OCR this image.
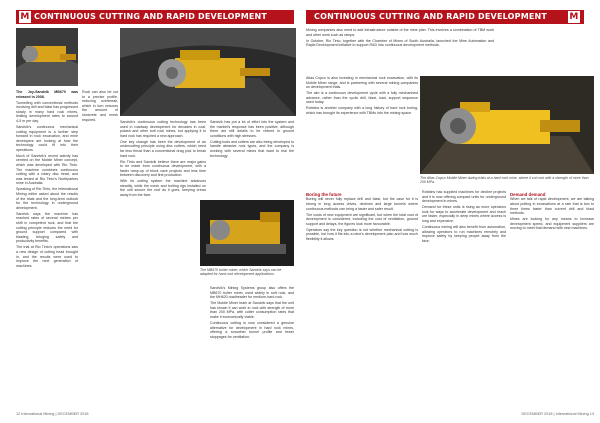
M CONTINUOUS CUTTING AND RAPID DEVELOPMENT

The Joy-Sandvik MB670 was released in 2008.

Tunnelling with conventional methods involving drill and blast has progressed slowly in many hard rock mines, limiting development rates to around 4-5 m per day.

Sandvik's continuous mechanical cutting equipment is a further step forward in rock excavation, and mine developers are looking at how the technology could fit into their operations.

Much of Sandvik's recent activity has centred on the Mobile Miner concept, which was developed with Rio Tinto. The machine combines continuous cutting with a rotary disc head, and was tested at Rio Tinto's Northparkes mine in Australia.

Speaking of Rio Tinto, the International Mining editor asked about the results of the trials and the long-term outlook for the technology in underground development.

Sandvik says the machine has reached rates of several metres per shift in competent rock, and that the cutting principle reduces the need for ground support compared with blasting, bringing safety and productivity benefits.

The trial at Rio Tinto's operations saw a new design of cutting head brought in, and the results were used to improve the next generation of machines.

Rock can also be cut to a precise profile, reducing overbreak, which in turn reduces the amount of shotcrete and mesh required.

Sandvik's continuous cutting technology has been used in roadway development for decades in coal, potash and other soft rock mines, but applying it to hard rock has required a new approach.

One key change has been the development of an undercutting principle using disc cutters, which need far less thrust than a conventional drag pick to break hard rock.

Rio Tinto and Sandvik believe there are major gains to be made from continuous development, with a faster ramp-up of block cave projects and less time between discovery and first production.

With its cutting system the machine advances steadily, while the mesh and bolting rigs installed on the unit secure the roof as it goes, keeping crews away from the face.

Sandvik has put a lot of effort into the system and the market's response has been positive, although there are still details to be refined in ground conditions with high stresses.

Cutting tools and cutters are also being developed to handle abrasive rock types, and the company is working with several mines that want to trial the technology.

The MB670 bolter miner, which Sandvik says can be adapted for hard rock development applications.

Sandvik's Mining Systems group also offers the MB670 bolter miner, used widely in soft rock, and the MH620 roadheader for medium-hard rock.

The Mobile Miner team at Sandvik says that the unit has shown it can work in rock with strength of more than 200 MPa, with cutter consumption rates that make it economically viable.

Continuous cutting is now considered a genuine alternative for development in hard rock mines, offering a smoother tunnel profile and fewer stoppages for ventilation.

12 International Mining | DECEMBER 2018
CONTINUOUS CUTTING AND RAPID DEVELOPMENT M

Mining companies also need to add infrastructure outside of the mine plan. This involves a combination of TBM work and other work such as ramps.

In October, Rio Tinto, together with the Chamber of Mines of South Australia, launched the Mine Automation and Rapid Development initiative to support R&D into continuous development methods.

Atlas Copco is also investing in mechanical rock excavation, with its Mobile Miner range, and is partnering with several mining companies on development trials.

The aim is a continuous development cycle with a fully mechanised advance, rather than the cyclic drill, blast, load, support sequence used today.

Robbins is another company with a long history of hard rock boring, which has brought its experience with TBMs into the mining space.

The Atlas Copco Mobile Miner during trials at a hard rock mine, where it cut rock with a strength of more than 200 MPa.
Boring the future

Boring will never fully replace drill and blast, but the case for it is strong in long access drives, declines and large tunnels where continuous methods can bring a faster and safer result.

The costs of new equipment are significant, but when the total cost of development is considered, including the cost of ventilation, ground support and delays, the figures look more favourable.

Operators say the key question is not whether mechanical cutting is possible, but how it fits into a mine's development plan and how much flexibility it allows.

Robbins has supplied machines for decline projects and it is now offering compact units for underground development in mines.

Demand for these units is rising as more operators look for ways to accelerate development and reach ore faster, especially in deep mines where access is long and expensive.

Continuous mining will also benefit from automation, allowing operators to run machines remotely and improve safety by keeping people away from the face.

Demand demand

When we talk of rapid development, we are talking about putting in excavations at a rate that is two to three times faster than current drill and blast methods.

Mines are looking for any means to increase development speed, and equipment suppliers are moving to meet that demand with new machines.

DECEMBER 2018 | International Mining 13
